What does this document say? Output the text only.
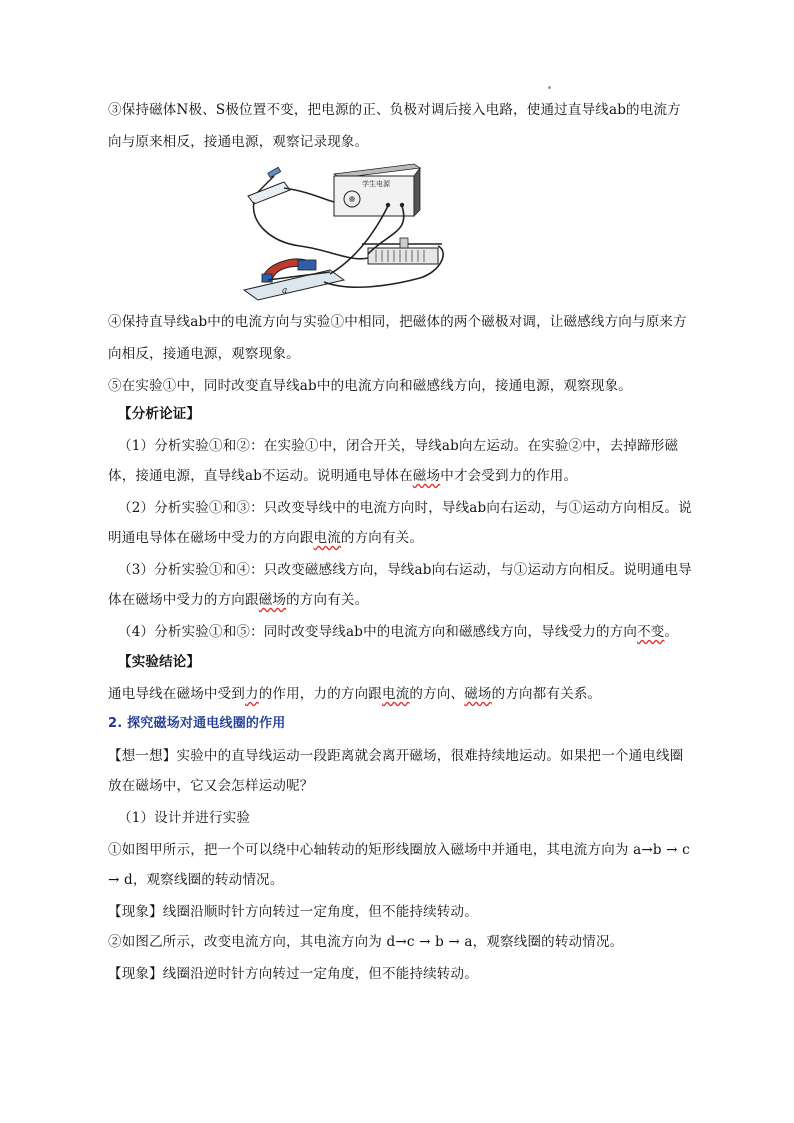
③保持磁体N极、S极位置不变，把电源的正、负极对调后接入电路，使通过直导线ab的电流方
向与原来相反，接通电源，观察记录现象。
学生电源
a
④保持直导线ab中的电流方向与实验①中相同，把磁体的两个磁极对调，让磁感线方向与原来方
向相反，接通电源，观察现象。
⑤在实验①中，同时改变直导线ab中的电流方向和磁感线方向，接通电源，观察现象。
【分析论证】
（1）分析实验①和②：在实验①中，闭合开关，导线ab向左运动。在实验②中，去掉蹄形磁
体，接通电源，直导线ab不运动。说明通电导体在磁场中才会受到力的作用。
（2）分析实验①和③：只改变导线中的电流方向时，导线ab向右运动，与①运动方向相反。说
明通电导体在磁场中受力的方向跟电流的方向有关。
（3）分析实验①和④：只改变磁感线方向，导线ab向右运动，与①运动方向相反。说明通电导
体在磁场中受力的方向跟磁场的方向有关。
（4）分析实验①和⑤：同时改变导线ab中的电流方向和磁感线方向，导线受力的方向不变。
【实验结论】
通电导线在磁场中受到力的作用，力的方向跟电流的方向、磁场的方向都有关系。
2. 探究磁场对通电线圈的作用
【想一想】实验中的直导线运动一段距离就会离开磁场，很难持续地运动。如果把一个通电线圈
放在磁场中，它又会怎样运动呢？
（1）设计并进行实验
①如图甲所示，把一个可以绕中心轴转动的矩形线圈放入磁场中并通电，其电流方向为 a→b → c
→ d，观察线圈的转动情况。
【现象】线圈沿顺时针方向转过一定角度，但不能持续转动。
②如图乙所示，改变电流方向，其电流方向为 d→c → b → a，观察线圈的转动情况。
【现象】线圈沿逆时针方向转过一定角度，但不能持续转动。
